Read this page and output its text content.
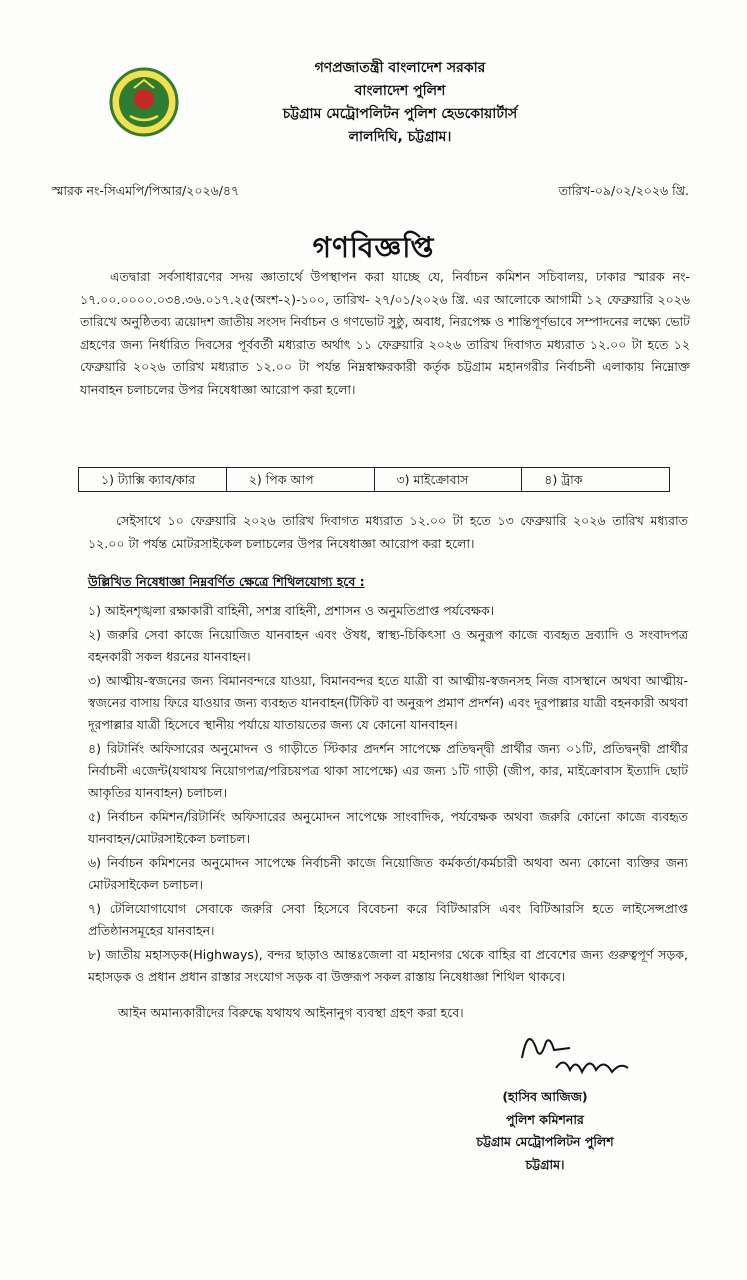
গণপ্রজাতন্ত্রী বাংলাদেশ সরকার
বাংলাদেশ পুলিশ
চট্টগ্রাম মেট্রোপলিটন পুলিশ হেডকোয়ার্টার্স
লালদিঘি, চট্টগ্রাম।
স্মারক নং-সিএমপি/পিআর/২০২৬/৪৭	তারিখ-০৯/০২/২০২৬ খ্রি.
গণবিজ্ঞপ্তি
এতদ্বারা সর্বসাধারণের সদয় জ্ঞাতার্থে উপস্থাপন করা যাচ্ছে যে, নির্বাচন কমিশন সচিবালয়, ঢাকার স্মারক নং- ১৭.০০.০০০০.০৩৪.৩৬.০১৭.২৫(অংশ-২)-১০০, তারিখ- ২৭/০১/২০২৬ খ্রি. এর আলোকে আগামী ১২ ফেব্রুয়ারি ২০২৬ তারিখে অনুষ্ঠিতব্য ত্রয়োদশ জাতীয় সংসদ নির্বাচন ও গণভোট সুষ্ঠু, অবাধ, নিরপেক্ষ ও শান্তিপূর্ণভাবে সম্পাদনের লক্ষ্যে ভোট গ্রহণের জন্য নির্ধারিত দিবসের পূর্ববর্তী মধ্যরাত অর্থাৎ ১১ ফেব্রুয়ারি ২০২৬ তারিখ দিবাগত মধ্যরাত ১২.০০ টা হতে ১২ ফেব্রুয়ারি ২০২৬ তারিখ মধ্যরাত ১২.০০ টা পর্যন্ত নিম্নস্বাক্ষরকারী কর্তৃক চট্টগ্রাম মহানগরীর নির্বাচনী এলাকায় নিম্নোক্ত যানবাহন চলাচলের উপর নিষেধাজ্ঞা আরোপ করা হলো।
১) ট্যাক্সি ক্যাব/কার	২) পিক আপ	৩) মাইক্রোবাস	৪) ট্রাক
সেইসাথে ১০ ফেব্রুয়ারি ২০২৬ তারিখ দিবাগত মধ্যরাত ১২.০০ টা হতে ১৩ ফেব্রুয়ারি ২০২৬ তারিখ মধ্যরাত ১২.০০ টা পর্যন্ত মোটরসাইকেল চলাচলের উপর নিষেধাজ্ঞা আরোপ করা হলো।
উল্লিখিত নিষেধাজ্ঞা নিম্নবর্ণিত ক্ষেত্রে শিথিলযোগ্য হবে :
১) আইনশৃঙ্খলা রক্ষাকারী বাহিনী, সশস্ত্র বাহিনী, প্রশাসন ও অনুমতিপ্রাপ্ত পর্যবেক্ষক।
২) জরুরি সেবা কাজে নিয়োজিত যানবাহন এবং ঔষধ, স্বাস্থ্য-চিকিৎসা ও অনুরূপ কাজে ব্যবহৃত দ্রব্যাদি ও সংবাদপত্র বহনকারী সকল ধরনের যানবাহন।
৩) আত্মীয়-স্বজনের জন্য বিমানবন্দরে যাওয়া, বিমানবন্দর হতে যাত্রী বা আত্মীয়-স্বজনসহ নিজ বাসস্থানে অথবা আত্মীয়-স্বজনের বাসায় ফিরে যাওয়ার জন্য ব্যবহৃত যানবাহন(টিকিট বা অনুরূপ প্রমাণ প্রদর্শন) এবং দূরপাল্লার যাত্রী বহনকারী অথবা দূরপাল্লার যাত্রী হিসেবে স্থানীয় পর্যায়ে যাতায়তের জন্য যে কোনো যানবাহন।
৪) রিটার্নিং অফিসারের অনুমোদন ও গাড়ীতে স্টিকার প্রদর্শন সাপেক্ষে প্রতিদ্বন্দ্বী প্রার্থীর জন্য ০১টি, প্রতিদ্বন্দ্বী প্রার্থীর নির্বাচনী এজেন্ট(যথাযথ নিয়োগপত্র/পরিচয়পত্র থাকা সাপেক্ষে) এর জন্য ১টি গাড়ী (জীপ, কার, মাইক্রোবাস ইত্যাদি ছোট আকৃতির যানবাহন) চলাচল।
৫) নির্বাচন কমিশন/রিটার্নিং অফিসারের অনুমোদন সাপেক্ষে সাংবাদিক, পর্যবেক্ষক অথবা জরুরি কোনো কাজে ব্যবহৃত যানবাহন/মোটরসাইকেল চলাচল।
৬) নির্বাচন কমিশনের অনুমোদন সাপেক্ষে নির্বাচনী কাজে নিয়োজিত কর্মকর্তা/কর্মচারী অথবা অন্য কোনো ব্যক্তির জন্য মোটরসাইকেল চলাচল।
৭) টেলিযোগাযোগ সেবাকে জরুরি সেবা হিসেবে বিবেচনা করে বিটিআরসি এবং বিটিআরসি হতে লাইসেন্সপ্রাপ্ত প্রতিষ্ঠানসমূহের যানবাহন।
৮) জাতীয় মহাসড়ক(Highways), বন্দর ছাড়াও আন্তঃজেলা বা মহানগর থেকে বাহির বা প্রবেশের জন্য গুরুত্বপূর্ণ সড়ক, মহাসড়ক ও প্রধান প্রধান রাস্তার সংযোগ সড়ক বা উক্তরূপ সকল রাস্তায় নিষেধাজ্ঞা শিথিল থাকবে।
আইন অমান্যকারীদের বিরুদ্ধে যথাযথ আইনানুগ ব্যবস্থা গ্রহণ করা হবে।
(হাসিব আজিজ)
পুলিশ কমিশনার
চট্টগ্রাম মেট্রোপলিটন পুলিশ
চট্টগ্রাম।
